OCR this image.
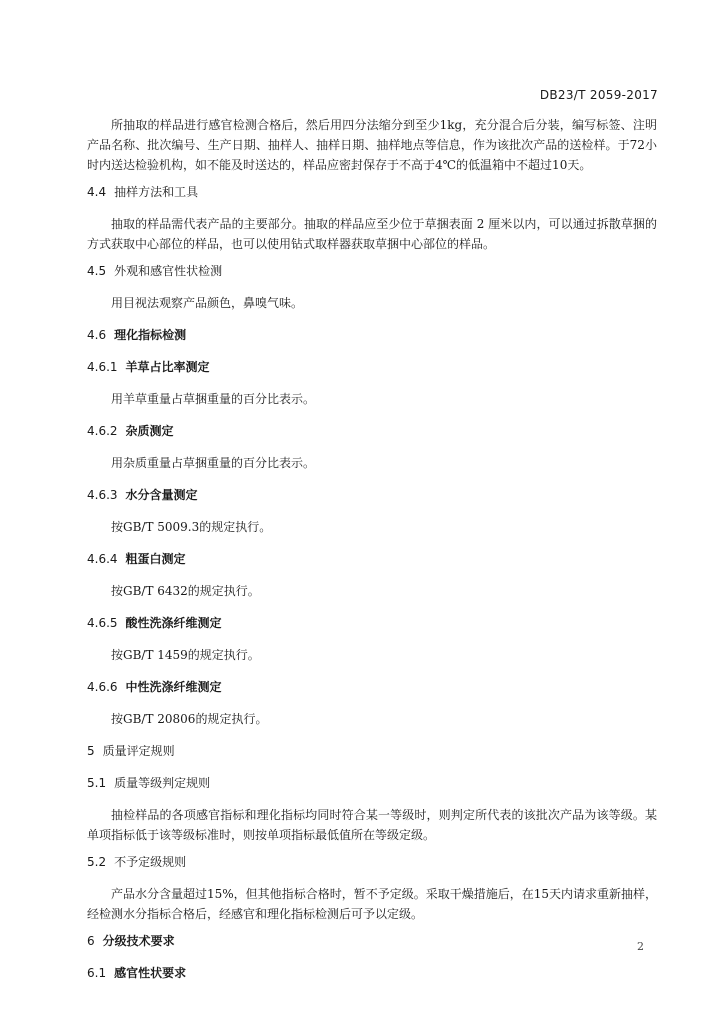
DB23/T 2059-2017

所抽取的样品进行感官检测合格后，然后用四分法缩分到至少1kg，充分混合后分装，编写标签、注明产品名称、批次编号、生产日期、抽样人、抽样日期、抽样地点等信息，作为该批次产品的送检样。于72小时内送达检验机构，如不能及时送达的，样品应密封保存于不高于4℃的低温箱中不超过10天。

4.4 抽样方法和工具

抽取的样品需代表产品的主要部分。抽取的样品应至少位于草捆表面 2 厘米以内，可以通过拆散草捆的方式获取中心部位的样品，也可以使用钻式取样器获取草捆中心部位的样品。

4.5 外观和感官性状检测

用目视法观察产品颜色，鼻嗅气味。

4.6 理化指标检测
4.6.1 羊草占比率测定

用羊草重量占草捆重量的百分比表示。

4.6.2 杂质测定

用杂质重量占草捆重量的百分比表示。

4.6.3 水分含量测定

按GB/T 5009.3的规定执行。

4.6.4 粗蛋白测定

按GB/T 6432的规定执行。

4.6.5 酸性洗涤纤维测定

按GB/T 1459的规定执行。

4.6.6 中性洗涤纤维测定

按GB/T 20806的规定执行。

5 质量评定规则
5.1 质量等级判定规则

抽检样品的各项感官指标和理化指标均同时符合某一等级时，则判定所代表的该批次产品为该等级。某单项指标低于该等级标准时，则按单项指标最低值所在等级定级。

5.2 不予定级规则

产品水分含量超过15%，但其他指标合格时，暂不予定级。采取干燥措施后，在15天内请求重新抽样，经检测水分指标合格后，经感官和理化指标检测后可予以定级。

6 分级技术要求
6.1 感官性状要求
2
